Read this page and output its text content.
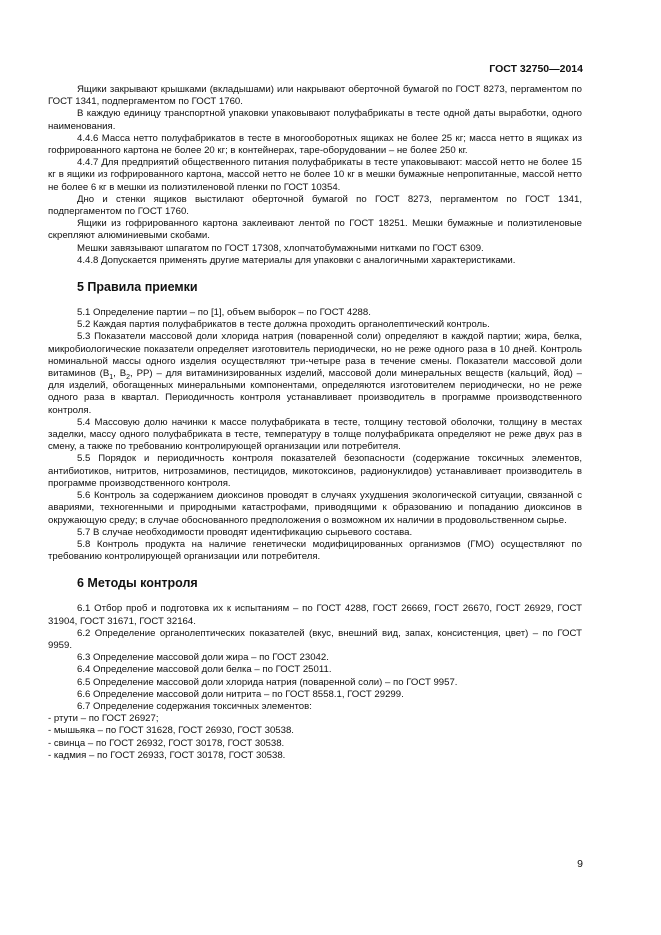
ГОСТ 32750—2014

Ящики закрывают крышками (вкладышами) или накрывают оберточной бумагой по ГОСТ 8273, пергаментом по ГОСТ 1341, подпергаментом по ГОСТ 1760.

В каждую единицу транспортной упаковки упаковывают полуфабрикаты в тесте одной даты выработки, одного наименования.

4.4.6 Масса нетто полуфабрикатов в тесте в многооборотных ящиках не более 25 кг; масса нетто в ящиках из гофрированного картона не более 20 кг; в контейнерах, таре-оборудовании – не более 250 кг.

4.4.7 Для предприятий общественного питания полуфабрикаты в тесте упаковывают: массой нетто не более 15 кг в ящики из гофрированного картона, массой нетто не более 10 кг в мешки бумажные непропитанные, массой нетто не более 6 кг в мешки из полиэтиленовой пленки по ГОСТ 10354.

Дно и стенки ящиков выстилают оберточной бумагой по ГОСТ 8273, пергаментом по ГОСТ 1341, подпергаментом по ГОСТ 1760.

Ящики из гофрированного картона заклеивают лентой по ГОСТ 18251. Мешки бумажные и полиэтиленовые скрепляют алюминиевыми скобами.

Мешки завязывают шпагатом по ГОСТ 17308, хлопчатобумажными нитками по ГОСТ 6309.

4.4.8 Допускается применять другие материалы для упаковки с аналогичными характеристиками.

5 Правила приемки

5.1 Определение партии – по [1], объем выборок – по ГОСТ 4288.

5.2 Каждая партия полуфабрикатов в тесте должна проходить органолептический контроль.

5.3 Показатели массовой доли хлорида натрия (поваренной соли) определяют в каждой партии; жира, белка, микробиологические показатели определяет изготовитель периодически, но не реже одного раза в 10 дней. Контроль номинальной массы одного изделия осуществляют три-четыре раза в течение смены. Показатели массовой доли витаминов ($B_1$, $B_2$, PP) – для витаминизированных изделий, массовой доли минеральных веществ (кальций, йод) – для изделий, обогащенных минеральными компонентами, определяются изготовителем периодически, но не реже одного раза в квартал. Периодичность контроля устанавливает производитель в программе производственного контроля.

5.4 Массовую долю начинки к массе полуфабриката в тесте, толщину тестовой оболочки, толщину в местах заделки, массу одного полуфабриката в тесте, температуру в толще полуфабриката определяют не реже двух раз в смену, а также по требованию контролирующей организации или потребителя.

5.5 Порядок и периодичность контроля показателей безопасности (содержание токсичных элементов, антибиотиков, нитритов, нитрозаминов, пестицидов, микотоксинов, радионуклидов) устанавливает производитель в программе производственного контроля.

5.6 Контроль за содержанием диоксинов проводят в случаях ухудшения экологической ситуации, связанной с авариями, техногенными и природными катастрофами, приводящими к образованию и попаданию диоксинов в окружающую среду; в случае обоснованного предположения о возможном их наличии в продовольственном сырье.

5.7 В случае необходимости проводят идентификацию сырьевого состава.

5.8 Контроль продукта на наличие генетически модифицированных организмов (ГМО) осуществляют по требованию контролирующей организации или потребителя.

6 Методы контроля

6.1 Отбор проб и подготовка их к испытаниям – по ГОСТ 4288, ГОСТ 26669, ГОСТ 26670, ГОСТ 26929, ГОСТ 31904, ГОСТ 31671, ГОСТ 32164.

6.2 Определение органолептических показателей (вкус, внешний вид, запах, консистенция, цвет) – по ГОСТ 9959.

6.3 Определение массовой доли жира – по ГОСТ 23042.

6.4 Определение массовой доли белка – по ГОСТ 25011.

6.5 Определение массовой доли хлорида натрия (поваренной соли) – по ГОСТ 9957.

6.6 Определение массовой доли нитрита – по ГОСТ 8558.1, ГОСТ 29299.

6.7 Определение содержания токсичных элементов:

- ртути – по ГОСТ 26927;

- мышьяка – по ГОСТ 31628, ГОСТ 26930, ГОСТ 30538.

- свинца – по ГОСТ 26932, ГОСТ 30178, ГОСТ 30538.

- кадмия – по ГОСТ 26933, ГОСТ 30178, ГОСТ 30538.

9
